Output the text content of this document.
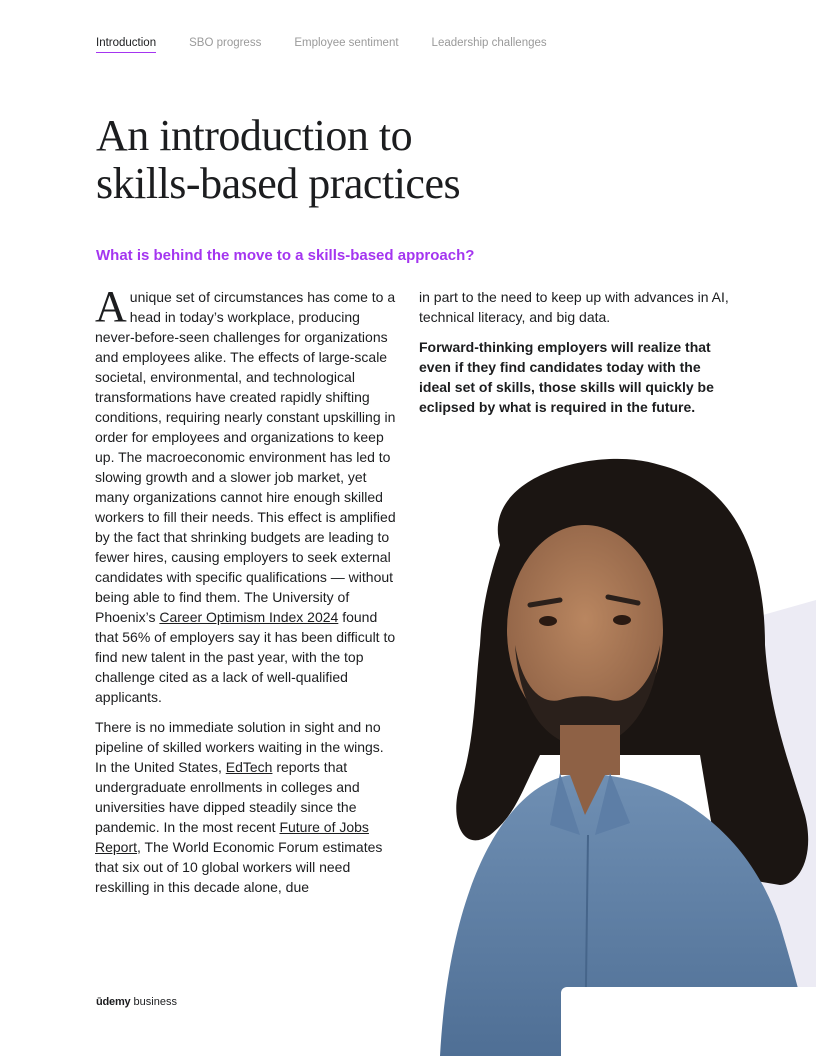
Introduction	SBO progress	Employee sentiment	Leadership challenges
An introduction to
skills-based practices
What is behind the move to a skills-based approach?

Aunique set of circumstances has come to a head in today’s workplace, producing never-before-seen challenges for organizations and employees alike. The effects of large-scale societal, environmental, and technological transformations have created rapidly shifting conditions, requiring nearly constant upskilling in order for employees and organizations to keep up. The macroeconomic environment has led to slowing growth and a slower job market, yet many organizations cannot hire enough skilled workers to fill their needs. This effect is amplified by the fact that shrinking budgets are leading to fewer hires, causing employers to seek external candidates with specific qualifications — without being able to find them. The University of Phoenix’s Career Optimism Index 2024 found that 56% of employers say it has been difficult to find new talent in the past year, with the top challenge cited as a lack of well-qualified applicants.

There is no immediate solution in sight and no pipeline of skilled workers waiting in the wings. In the United States, EdTech reports that undergraduate enrollments in colleges and universities have dipped steadily since the pandemic. In the most recent Future of Jobs Report, The World Economic Forum estimates that six out of 10 global workers will need reskilling in this decade alone, due

in part to the need to keep up with advances in AI, technical literacy, and big data.

Forward-thinking employers will realize that even if they find candidates today with the ideal set of skills, those skills will quickly be eclipsed by what is required in the future.

ūdemy business
